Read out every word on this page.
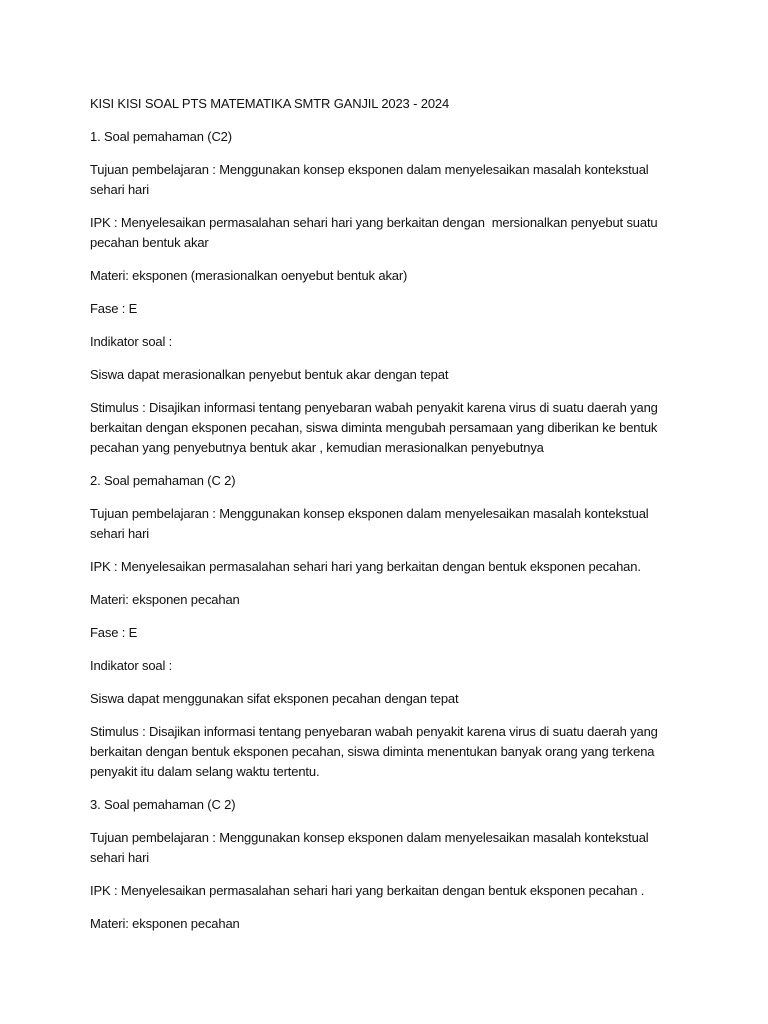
KISI KISI SOAL PTS MATEMATIKA SMTR GANJIL 2023 - 2024

1. Soal pemahaman (C2)

Tujuan pembelajaran : Menggunakan konsep eksponen dalam menyelesaikan masalah kontekstual sehari hari

IPK : Menyelesaikan permasalahan sehari hari yang berkaitan dengan  mersionalkan penyebut suatu pecahan bentuk akar

Materi: eksponen (merasionalkan oenyebut bentuk akar)

Fase : E

Indikator soal :

Siswa dapat merasionalkan penyebut bentuk akar dengan tepat

Stimulus : Disajikan informasi tentang penyebaran wabah penyakit karena virus di suatu daerah yang berkaitan dengan eksponen pecahan, siswa diminta mengubah persamaan yang diberikan ke bentuk pecahan yang penyebutnya bentuk akar , kemudian merasionalkan penyebutnya

2. Soal pemahaman (C 2)

Tujuan pembelajaran : Menggunakan konsep eksponen dalam menyelesaikan masalah kontekstual sehari hari

IPK : Menyelesaikan permasalahan sehari hari yang berkaitan dengan bentuk eksponen pecahan.

Materi: eksponen pecahan

Fase : E

Indikator soal :

Siswa dapat menggunakan sifat eksponen pecahan dengan tepat

Stimulus : Disajikan informasi tentang penyebaran wabah penyakit karena virus di suatu daerah yang berkaitan dengan bentuk eksponen pecahan, siswa diminta menentukan banyak orang yang terkena penyakit itu dalam selang waktu tertentu.

3. Soal pemahaman (C 2)

Tujuan pembelajaran : Menggunakan konsep eksponen dalam menyelesaikan masalah kontekstual sehari hari

IPK : Menyelesaikan permasalahan sehari hari yang berkaitan dengan bentuk eksponen pecahan .

Materi: eksponen pecahan
